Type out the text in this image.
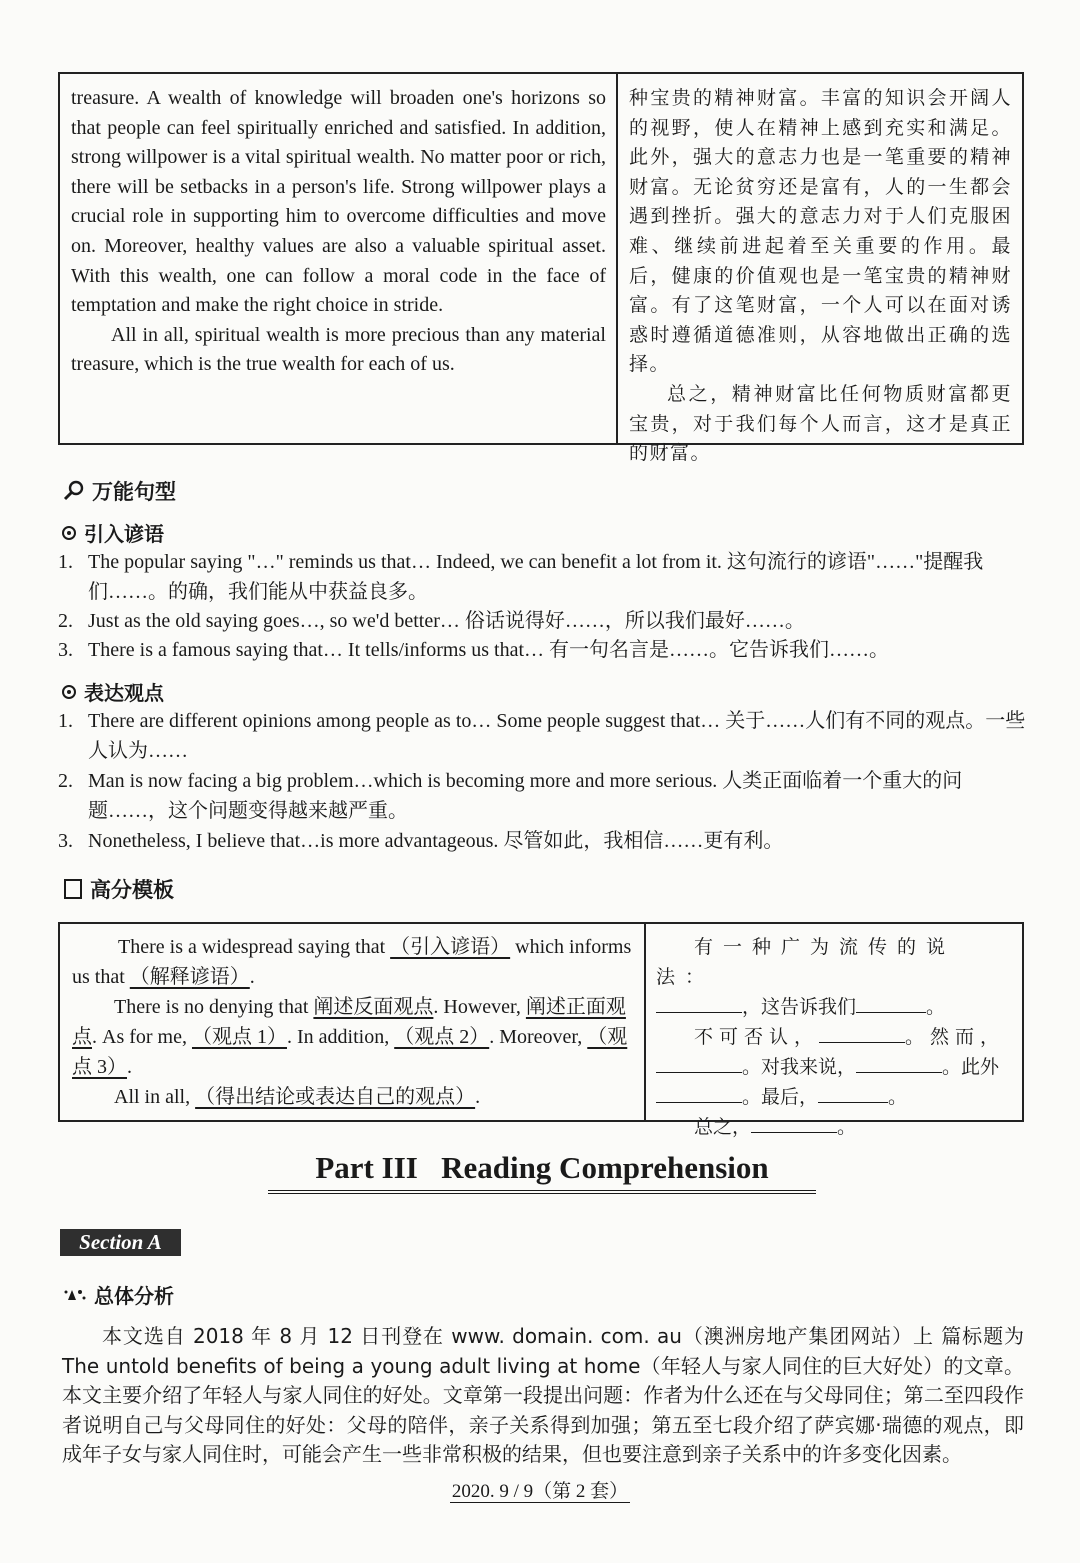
treasure. A wealth of knowledge will broaden one's horizons so that people can feel spiritually enriched and satisfied. In addition, strong willpower is a vital spiritual wealth. No matter poor or rich, there will be setbacks in a person's life. Strong willpower plays a crucial role in supporting him to overcome difficulties and move on. Moreover, healthy values are also a valuable spiritual asset. With this wealth, one can follow a moral code in the face of temptation and make the right choice in stride.

All in all, spiritual wealth is more precious than any material treasure, which is the true wealth for each of us.

种宝贵的精神财富。丰富的知识会开阔人的视野，使人在精神上感到充实和满足。此外，强大的意志力也是一笔重要的精神财富。无论贫穷还是富有，人的一生都会遇到挫折。强大的意志力对于人们克服困难、继续前进起着至关重要的作用。最后，健康的价值观也是一笔宝贵的精神财富。有了这笔财富，一个人可以在面对诱惑时遵循道德准则，从容地做出正确的选择。

总之，精神财富比任何物质财富都更宝贵，对于我们每个人而言，这才是真正的财富。

万能句型
引入谚语
1. The popular saying "…" reminds us that… Indeed, we can benefit a lot from it. 这句流行的谚语"……"提醒我们……。的确，我们能从中获益良多。
2. Just as the old saying goes…, so we'd better… 俗话说得好……，所以我们最好……。
3. There is a famous saying that… It tells/informs us that… 有一句名言是……。它告诉我们……。
表达观点
1. There are different opinions among people as to… Some people suggest that… 关于……人们有不同的观点。一些人认为……
2. Man is now facing a big problem…which is becoming more and more serious. 人类正面临着一个重大的问题……，这个问题变得越来越严重。
3. Nonetheless, I believe that…is more advantageous. 尽管如此，我相信……更有利。
高分模板

There is a widespread saying that （引入谚语） which informs us that （解释谚语）.

There is no denying that 阐述反面观点. However, 阐述正面观点. As for me, （观点 1）. In addition, （观点 2）. Moreover, （观点 3）.

All in all, （得出结论或表达自己的观点）.

有一种广为流传的说法：

，这告诉我们	。

不可否认，	。然而，

。对我来说，	。此外

。最后，	。

总之，	。

Part III   Reading Comprehension
Section A
总体分析

本文选自 2018 年 8 月 12 日刊登在 www. domain. com. au（澳洲房地产集团网站）上 篇标题为 The untold benefits of being a young adult living at home（年轻人与家人同住的巨大好处）的文章。本文主要介绍了年轻人与家人同住的好处。文章第一段提出问题：作者为什么还在与父母同住；第二至四段作者说明自己与父母同住的好处：父母的陪伴，亲子关系得到加强；第五至七段介绍了萨宾娜·瑞德的观点，即成年子女与家人同住时，可能会产生一些非常积极的结果，但也要注意到亲子关系中的许多变化因素。

2020. 9 / 9（第 2 套）
